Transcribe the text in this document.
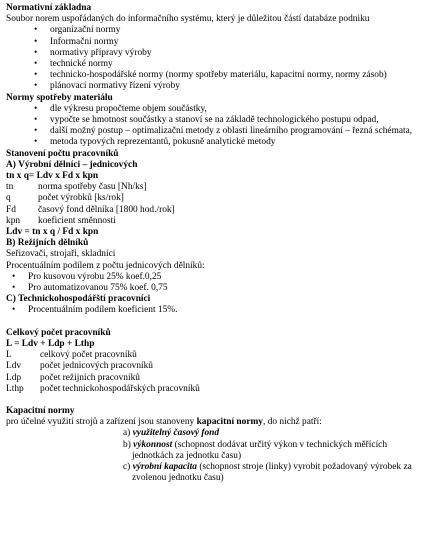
Normativní základna
Soubor norem uspořádaných do informačního systému, který je důležitou částí databáze podniku
• organizační normy
• Informační normy
• normativy přípravy výroby
• technické normy
• technicko-hospodářské normy (normy spotřeby materiálu, kapacitní normy, normy zásob)
• plánovací normativy řízení výroby
Normy spotřeby materiálu
• dle výkresu propočteme objem součástky,
• vypočte se hmotnost součástky a stanoví se na základě technologického postupu odpad,
• další možný postup – optimalizační metody z oblasti lineárního programování – řezná schémata,
• metoda typových reprezentantů, pokusně analytické metody
Stanovení počtu pracovníků
A) Výrobní dělníci – jednicových
tn x q= Ldv x Fd x kpn
tn	norma spotřeby času [Nh/ks]
q	počet výrobků [ks/rok]
Fd	časový fond dělníka [1800 hod./rok]
kpn	koeficient směnnosti
Ldv = tn x q / Fd x kpn
B) Režijních dělníků
Seřizovači, strojaři, skladníci
Procentuálním podílem z počtu jednicových dělníků:
• Pro kusovou výrobu 25% koef.0,25
• Pro automatizovanou 75% koef. 0,75
C) Technickohospodářští pracovníci
• Procentuálním podílem koeficient 15%.
Celkový počet pracovníků
L = Ldv + Ldp + Lthp
L	celkový počet pracovníků
Ldv	počet jednicových pracovníků
Ldp	počet režijních pracovníků
Lthp	počet technickohospodářských pracovníků
Kapacitní normy
pro účelné využití strojů a zařízení jsou stanoveny kapacitní normy, do nichž patří:
a) využitelný časový fond
b) výkonnost (schopnost dodávat určitý výkon v technických měřících jednotkách za jednotku času)
c) výrobní kapacita (schopnost stroje (linky) vyrobit požadovaný výrobek za zvolenou jednotku času)
